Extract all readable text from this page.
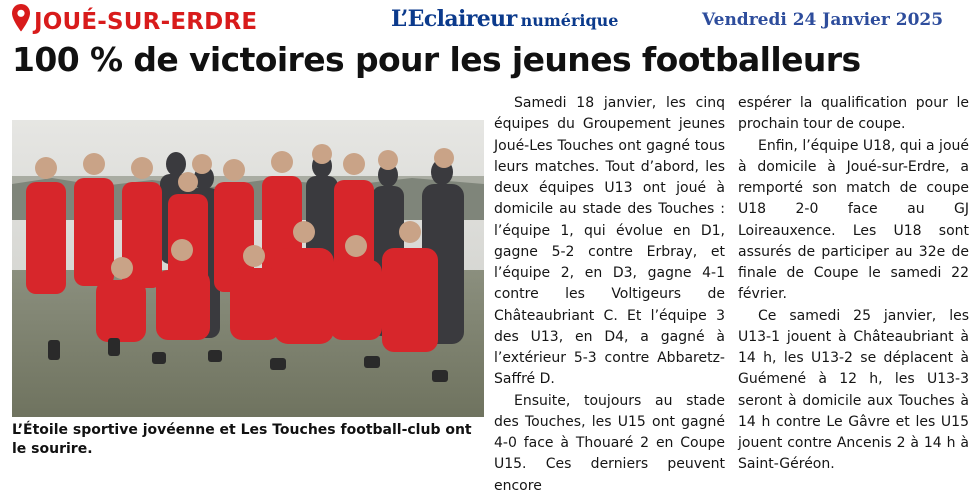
JOUÉ-SUR-ERDRE	L’Eclaireur numérique	Vendredi 24 Janvier 2025
100 % de victoires pour les jeunes footballeurs

L’Étoile sportive jovéenne et Les Touches football-club ont le sourire.

Samedi 18 janvier, les cinq équipes du Groupement jeunes Joué-Les Touches ont gagné tous leurs matches. Tout d’abord, les deux équipes U13 ont joué à domicile au stade des Touches : l’équipe 1, qui évolue en D1, gagne 5-2 contre Erbray, et l’équipe 2, en D3, gagne 4-1 contre les Voltigeurs de Châteaubriant C. Et l’équipe 3 des U13, en D4, a gagné à l’extérieur 5-3 contre Abbaretz-Saffré D.

Ensuite, toujours au stade des Touches, les U15 ont gagné 4-0 face à Thouaré 2 en Coupe U15. Ces derniers peuvent encore

espérer la qualification pour le prochain tour de coupe.

Enfin, l’équipe U18, qui a joué à domicile à Joué-sur-Erdre, a remporté son match de coupe U18 2-0 face au GJ Loireauxence. Les U18 sont assurés de participer au 32e de finale de Coupe le samedi 22 février.

Ce samedi 25 janvier, les U13-1 jouent à Châteaubriant à 14 h, les U13-2 se déplacent à Guémené à 12 h, les U13-3 seront à domicile aux Touches à 14 h contre Le Gâvre et les U15 jouent contre Ancenis 2 à 14 h à Saint-Géréon.
